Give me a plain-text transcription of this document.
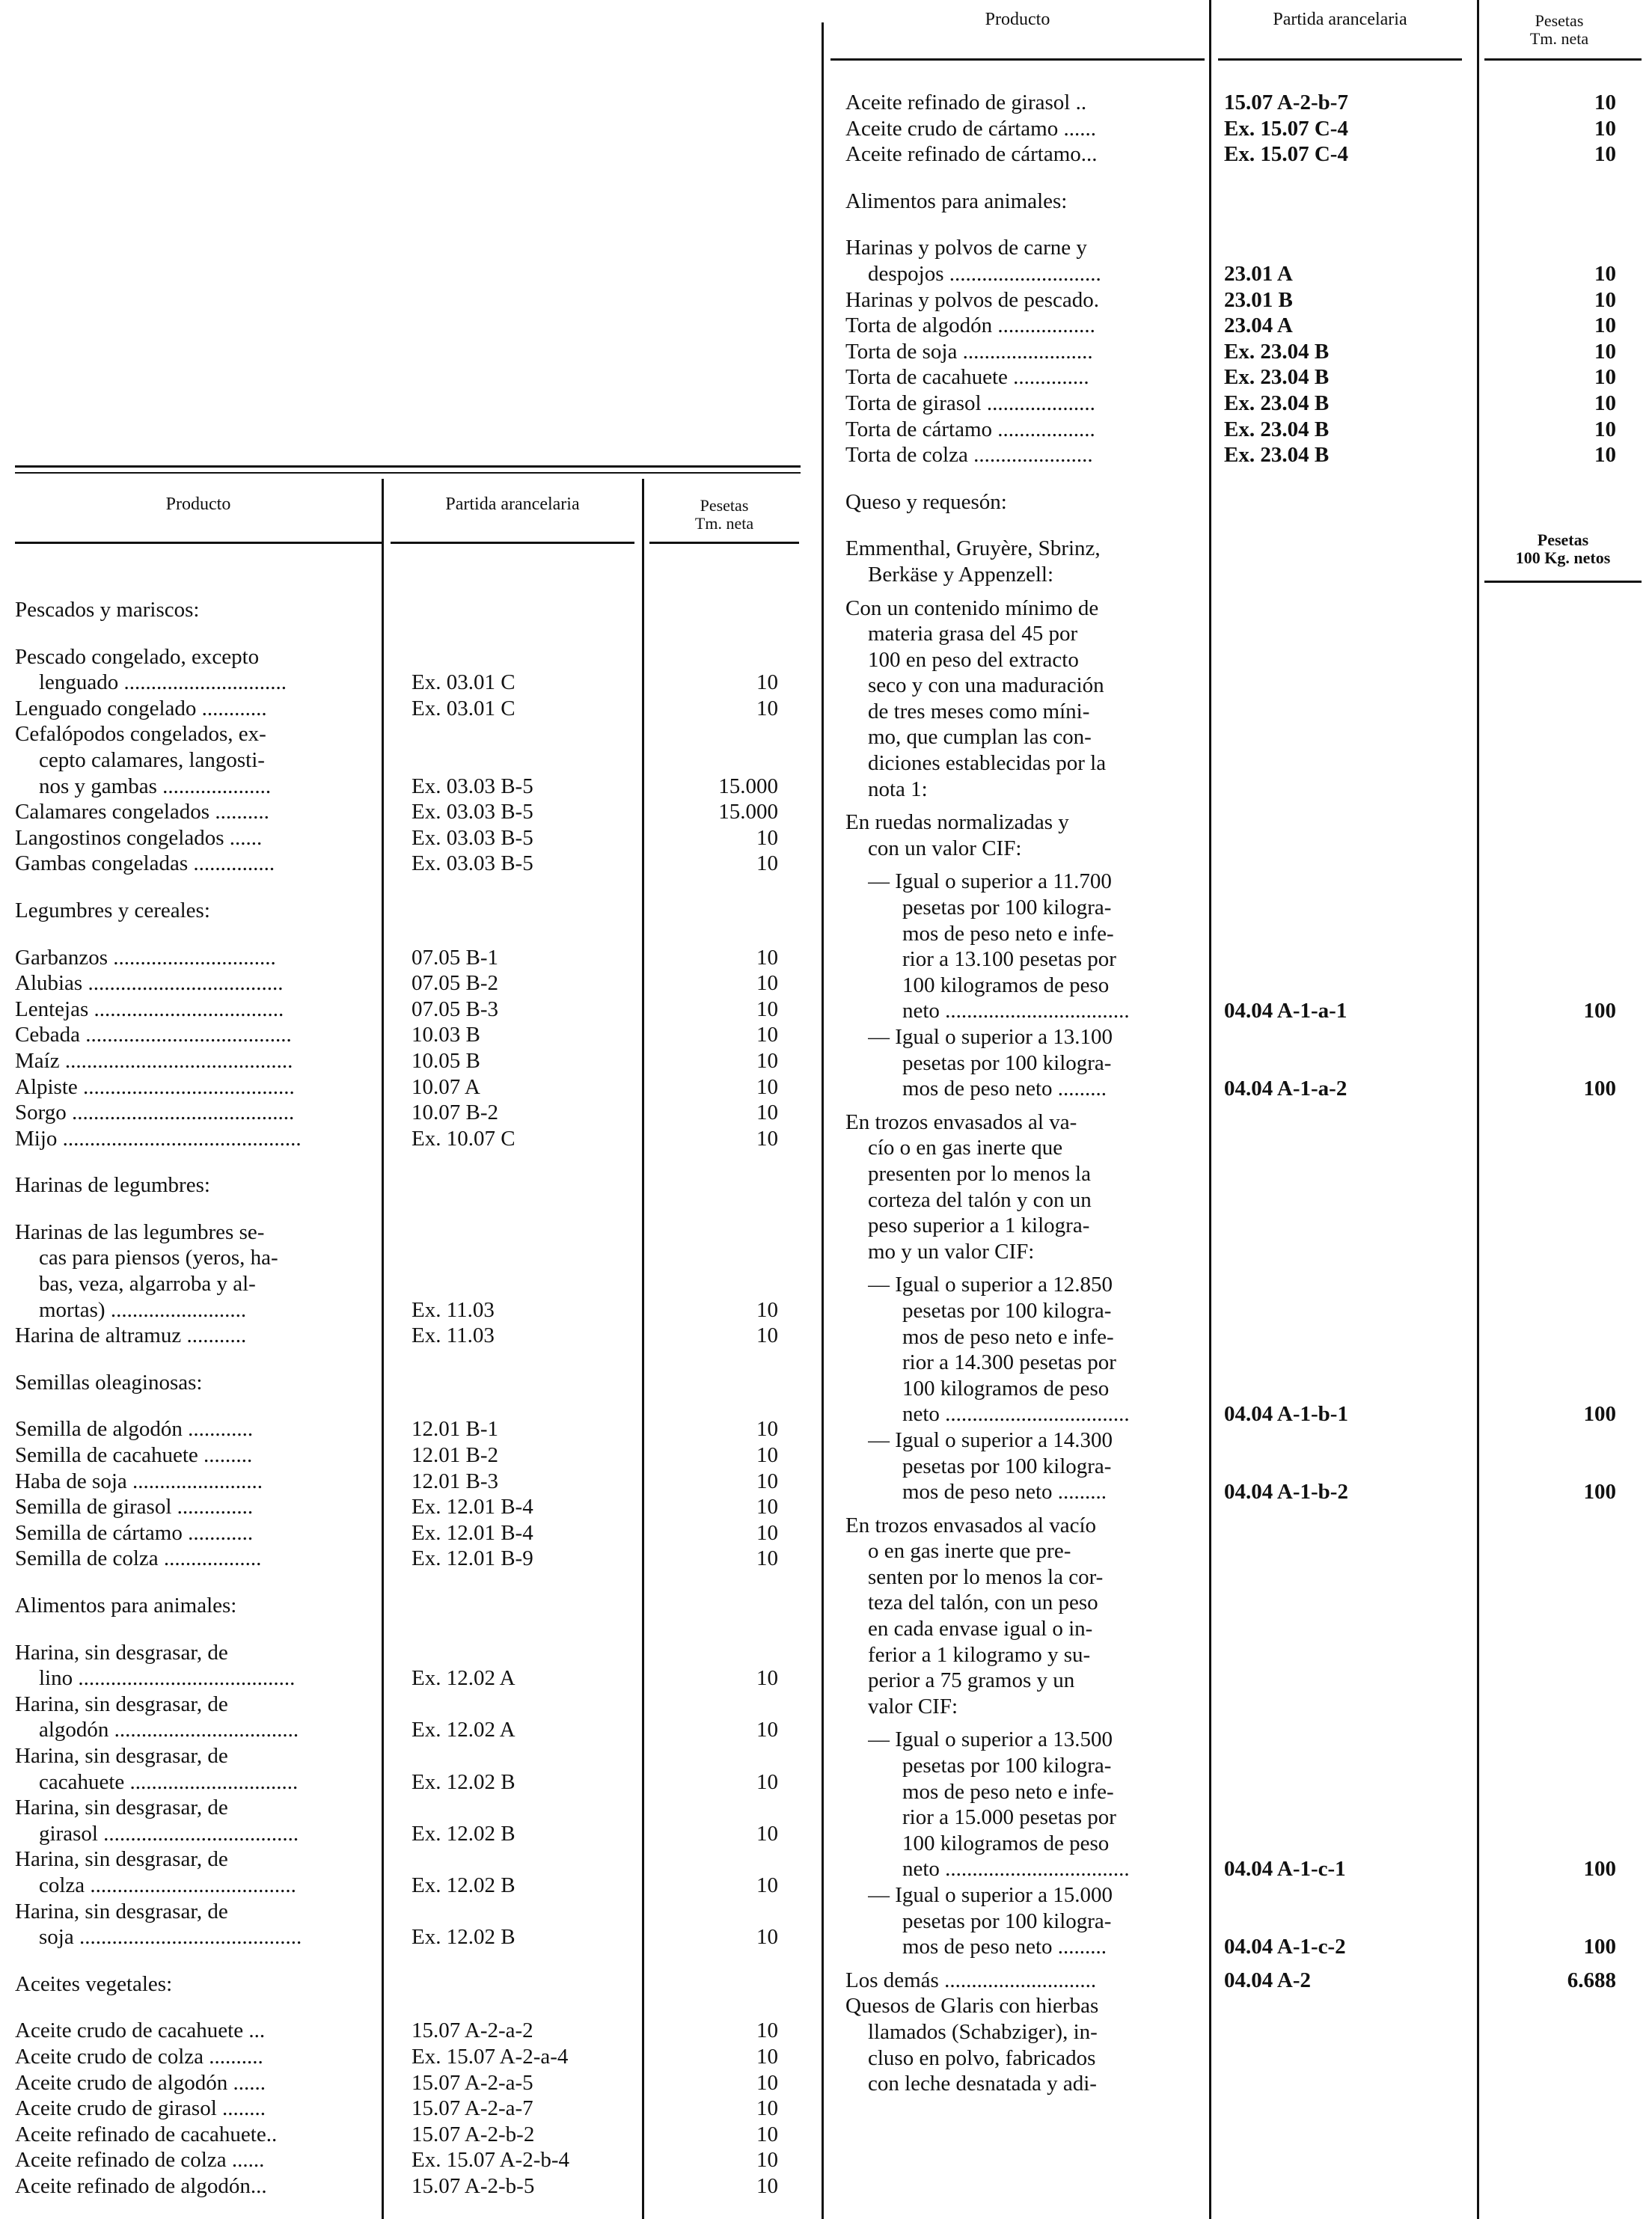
Producto	Partida arancelaria	Pesetas
Tm. neta
Producto	Partida arancelaria	Pesetas
Tm. neta
Pesetas
100 Kg. netos
Pescados y mariscos:
Pescado congelado, excepto
lenguado ..............................	Ex. 03.01 C	10
Lenguado congelado ............	Ex. 03.01 C	10
Cefalópodos congelados, ex-
cepto calamares, langosti-
nos y gambas ....................	Ex. 03.03 B-5	15.000
Calamares congelados ..........	Ex. 03.03 B-5	15.000
Langostinos congelados ......	Ex. 03.03 B-5	10
Gambas congeladas ...............	Ex. 03.03 B-5	10
Legumbres y cereales:
Garbanzos ..............................	07.05 B-1	10
Alubias ....................................	07.05 B-2	10
Lentejas ...................................	07.05 B-3	10
Cebada ......................................	10.03 B	10
Maíz ..........................................	10.05 B	10
Alpiste .......................................	10.07 A	10
Sorgo .........................................	10.07 B-2	10
Mijo ............................................	Ex. 10.07 C	10
Harinas de legumbres:
Harinas de las legumbres se-
cas para piensos (yeros, ha-
bas, veza, algarroba y al-
mortas) .........................	Ex. 11.03	10
Harina de altramuz ...........	Ex. 11.03	10
Semillas oleaginosas:
Semilla de algodón ............	12.01 B-1	10
Semilla de cacahuete .........	12.01 B-2	10
Haba de soja ........................	12.01 B-3	10
Semilla de girasol ..............	Ex. 12.01 B-4	10
Semilla de cártamo ............	Ex. 12.01 B-4	10
Semilla de colza ..................	Ex. 12.01 B-9	10
Alimentos para animales:
Harina, sin desgrasar, de
lino ........................................	Ex. 12.02 A	10
Harina, sin desgrasar, de
algodón ..................................	Ex. 12.02 A	10
Harina, sin desgrasar, de
cacahuete ...............................	Ex. 12.02 B	10
Harina, sin desgrasar, de
girasol ....................................	Ex. 12.02 B	10
Harina, sin desgrasar, de
colza ......................................	Ex. 12.02 B	10
Harina, sin desgrasar, de
soja .........................................	Ex. 12.02 B	10
Aceites vegetales:
Aceite crudo de cacahuete ...	15.07 A-2-a-2	10
Aceite crudo de colza ..........	Ex. 15.07 A-2-a-4	10
Aceite crudo de algodón ......	15.07 A-2-a-5	10
Aceite crudo de girasol ........	15.07 A-2-a-7	10
Aceite refinado de cacahuete..	15.07 A-2-b-2	10
Aceite refinado de colza ......	Ex. 15.07 A-2-b-4	10
Aceite refinado de algodón...	15.07 A-2-b-5	10
Aceite refinado de girasol ..	15.07 A-2-b-7	10
Aceite crudo de cártamo ......	Ex. 15.07 C-4	10
Aceite refinado de cártamo...	Ex. 15.07 C-4	10
Alimentos para animales:
Harinas y polvos de carne y
despojos ............................	23.01 A	10
Harinas y polvos de pescado.	23.01 B	10
Torta de algodón ..................	23.04 A	10
Torta de soja ........................	Ex. 23.04 B	10
Torta de cacahuete ..............	Ex. 23.04 B	10
Torta de girasol ....................	Ex. 23.04 B	10
Torta de cártamo ..................	Ex. 23.04 B	10
Torta de colza ......................	Ex. 23.04 B	10
Queso y requesón:
Emmenthal, Gruyère, Sbrinz,
Berkäse y Appenzell:
Con un contenido mínimo de
materia grasa del 45 por
100 en peso del extracto
seco y con una maduración
de tres meses como míni-
mo, que cumplan las con-
diciones establecidas por la
nota 1:
En ruedas normalizadas y
con un valor CIF:
— Igual o superior a 11.700
pesetas por 100 kilogra-
mos de peso neto e infe-
rior a 13.100 pesetas por
100 kilogramos de peso
neto ..................................	04.04 A-1-a-1	100
— Igual o superior a 13.100
pesetas por 100 kilogra-
mos de peso neto .........	04.04 A-1-a-2	100
En trozos envasados al va-
cío o en gas inerte que
presenten por lo menos la
corteza del talón y con un
peso superior a 1 kilogra-
mo y un valor CIF:
— Igual o superior a 12.850
pesetas por 100 kilogra-
mos de peso neto e infe-
rior a 14.300 pesetas por
100 kilogramos de peso
neto ..................................	04.04 A-1-b-1	100
— Igual o superior a 14.300
pesetas por 100 kilogra-
mos de peso neto .........	04.04 A-1-b-2	100
En trozos envasados al vacío
o en gas inerte que pre-
senten por lo menos la cor-
teza del talón, con un peso
en cada envase igual o in-
ferior a 1 kilogramo y su-
perior a 75 gramos y un
valor CIF:
— Igual o superior a 13.500
pesetas por 100 kilogra-
mos de peso neto e infe-
rior a 15.000 pesetas por
100 kilogramos de peso
neto ..................................	04.04 A-1-c-1	100
— Igual o superior a 15.000
pesetas por 100 kilogra-
mos de peso neto .........	04.04 A-1-c-2	100
Los demás ............................	04.04 A-2	6.688
Quesos de Glaris con hierbas
llamados (Schabziger), in-
cluso en polvo, fabricados
con leche desnatada y adi-
